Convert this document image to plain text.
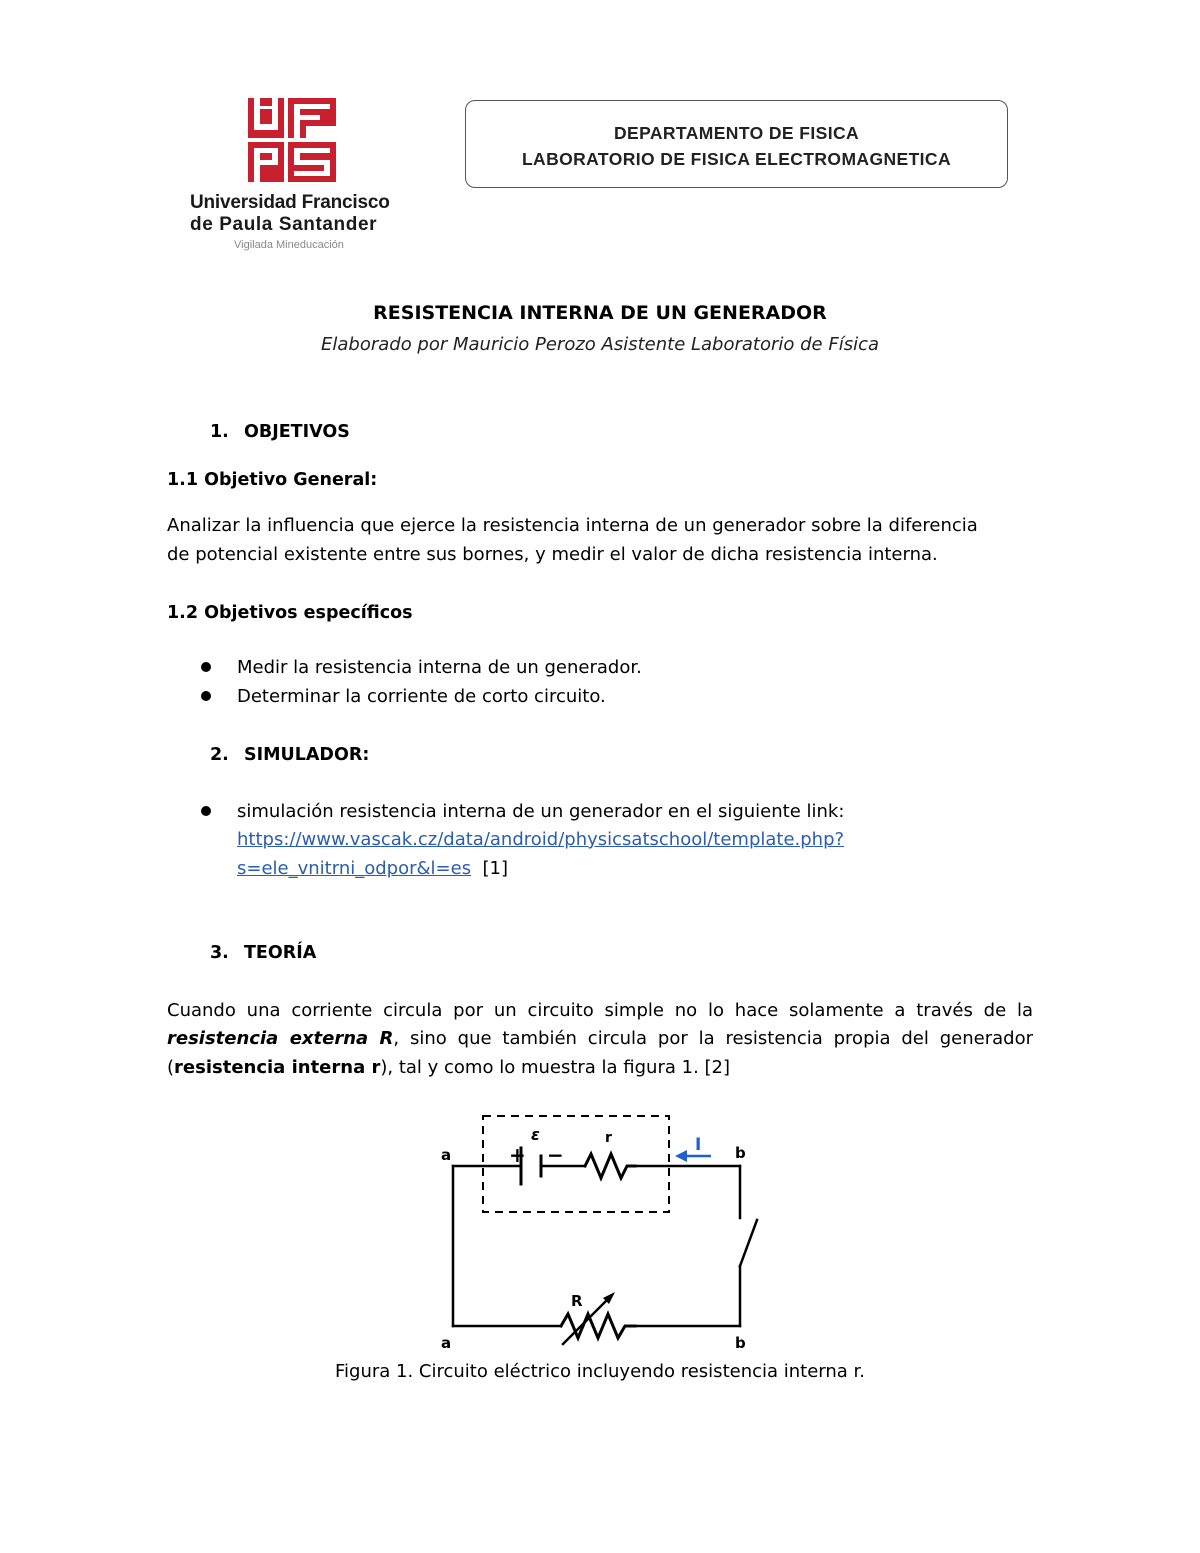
Universidad Francisco
de Paula Santander
Vigilada Mineducación
DEPARTAMENTO DE FISICA
LABORATORIO DE FISICA ELECTROMAGNETICA
RESISTENCIA INTERNA DE UN GENERADOR
Elaborado por Mauricio Perozo Asistente Laboratorio de Física
1. OBJETIVOS
1.1 Objetivo General:
Analizar la influencia que ejerce la resistencia interna de un generador sobre la diferencia
de potencial existente entre sus bornes, y medir el valor de dicha resistencia interna.
1.2 Objetivos específicos
Medir la resistencia interna de un generador.
Determinar la corriente de corto circuito.
2. SIMULADOR:
simulación resistencia interna de un generador en el siguiente link:
https://www.vascak.cz/data/android/physicsatschool/template.php?
s=ele_vnitrni_odpor&l=es [1]
3. TEORÍA
Cuando una corriente circula por un circuito simple no lo hace solamente a través de la
resistencia externa R, sino que también circula por la resistencia propia del generador
(resistencia interna r), tal y como lo muestra la figura 1. [2]
a	b
a	b
+ −
ε	r
R
I
Figura 1. Circuito eléctrico incluyendo resistencia interna r.
